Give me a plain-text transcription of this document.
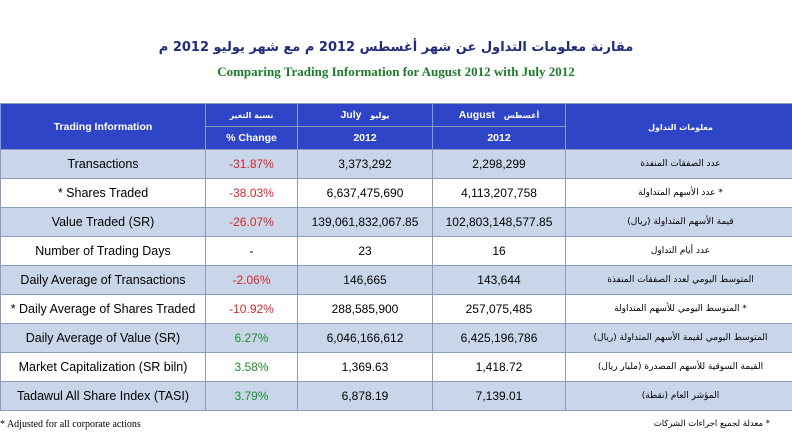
مقارنة معلومات التداول عن شهر أغسطس 2012 م مع شهر يوليو 2012 م
Comparing Trading Information for August 2012 with July 2012
Trading Information	نسبة التغير	July يوليو	August أغسطس	معلومات التداول
	% Change	2012	2012	
Transactions	-31.87%	3,373,292	2,298,299	عدد الصفقات المنفذة
* Shares Traded	-38.03%	6,637,475,690	4,113,207,758	* عدد الأسهم المتداولة
Value Traded (SR)	-26.07%	139,061,832,067.85	102,803,148,577.85	قيمة الأسهم المتداولة (ريال)
Number of Trading Days	-	23	16	عدد أيام التداول
Daily Average of Transactions	-2.06%	146,665	143,644	المتوسط اليومي لعدد الصفقات المنفذة
* Daily Average of Shares Traded	-10.92%	288,585,900	257,075,485	* المتوسط اليومي للأسهم المتداولة
Daily Average of Value (SR)	6.27%	6,046,166,612	6,425,196,786	المتوسط اليومي لقيمة الأسهم المتداولة (ريال)
Market Capitalization (SR biln)	3.58%	1,369.63	1,418.72	القيمة السوقية للأسهم المصدرة (مليار ريال)
Tadawul All Share Index (TASI)	3.79%	6,878.19	7,139.01	المؤشر العام (نقطة)
* Adjusted for all corporate actions	* معدلة لجميع اجراءات الشركات
